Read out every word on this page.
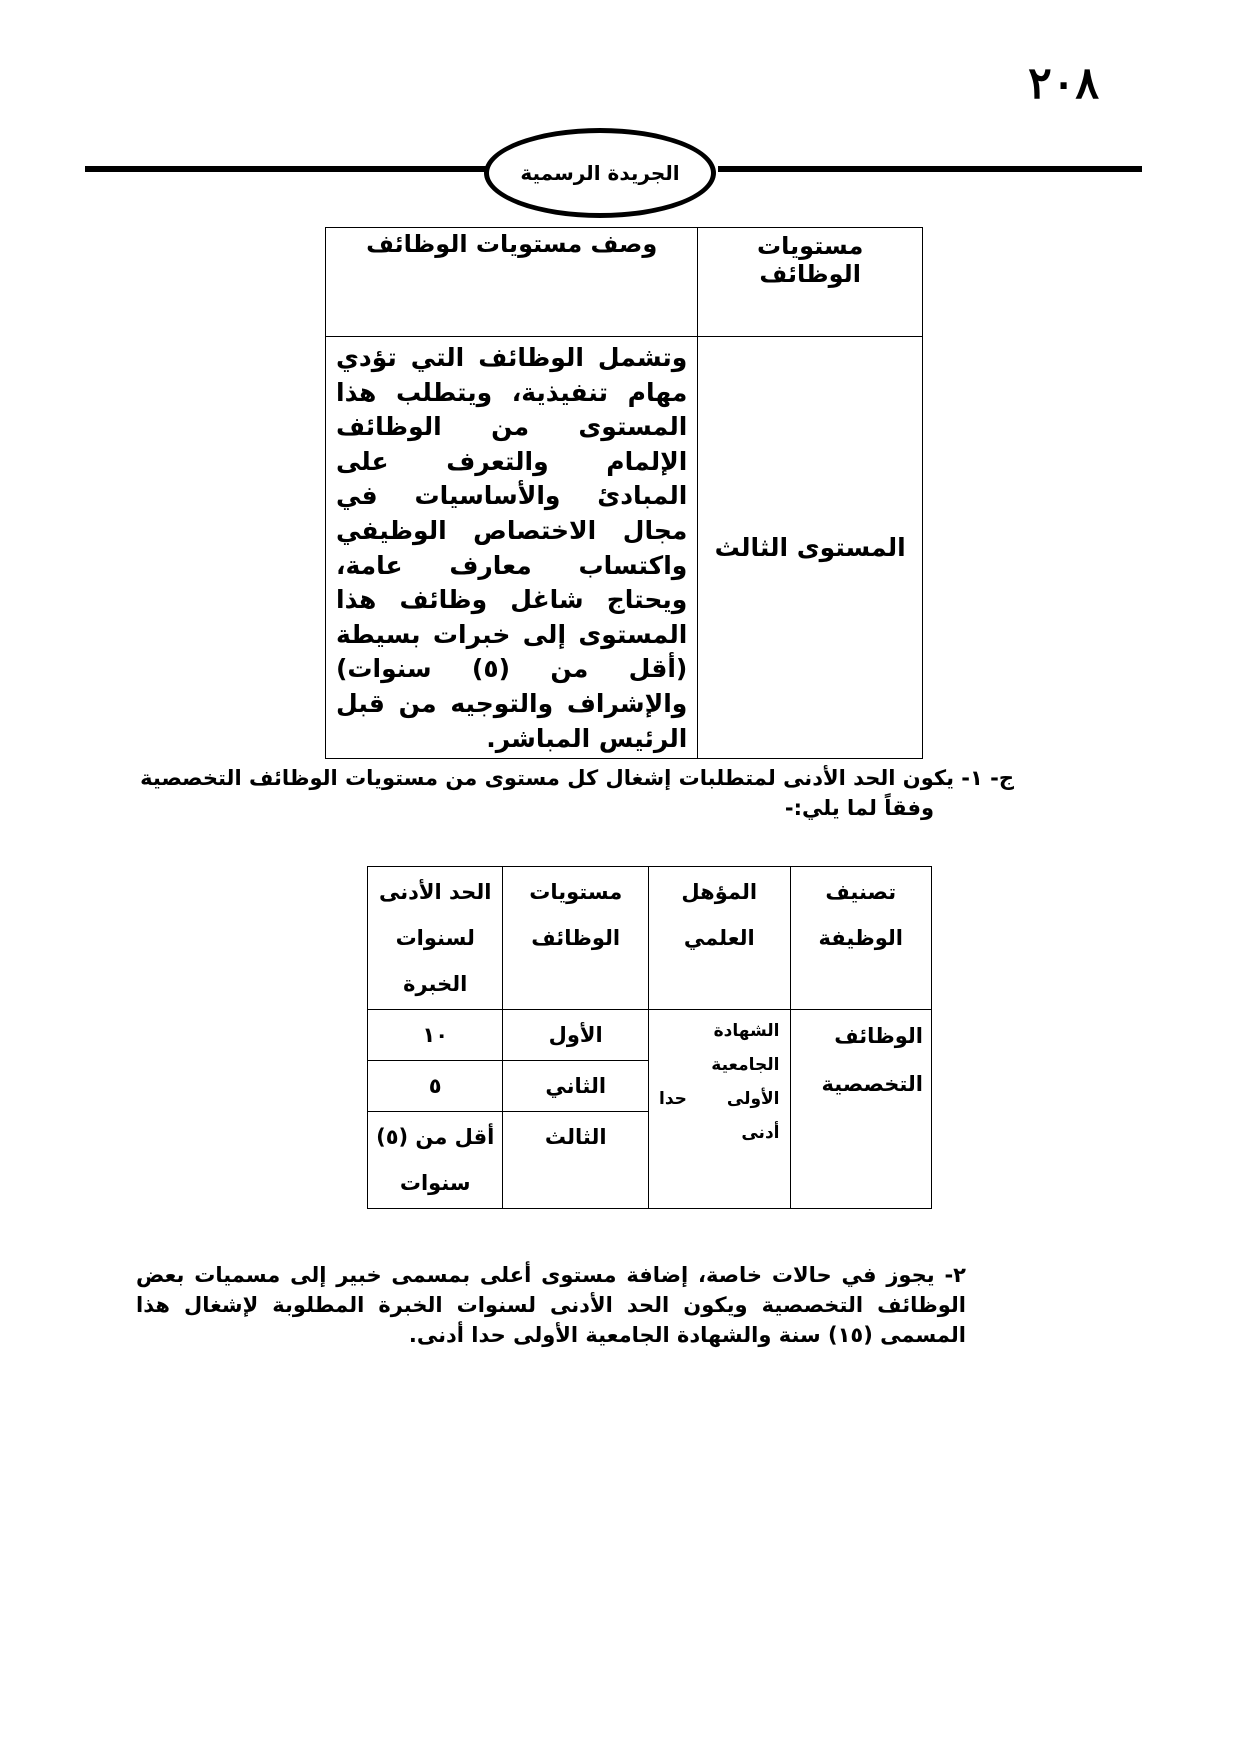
٢٠٨
الجريدة الرسمية
مستويات الوظائف	وصف مستويات الوظائف
المستوى الثالث	وتشمل الوظائف التي تؤدي مهام تنفيذية، ويتطلب هذا المستوى من الوظائف الإلمام والتعرف على المبادئ والأساسيات في مجال الاختصاص الوظيفي واكتساب معارف عامة، ويحتاج شاغل وظائف هذا المستوى إلى خبرات بسيطة (أقل من (٥) سنوات) والإشراف والتوجيه من قبل الرئيس المباشر.
ج- ١- يكون الحد الأدنى لمتطلبات إشغال كل مستوى من مستويات الوظائف التخصصية
وفقاً لما يلي:-
تصنيف الوظيفة	المؤهل العلمي	مستويات الوظائف	الحد الأدنى لسنوات الخبرة
الوظائف التخصصية	الشهادة الجامعية الأولى حدا أدنى	الأول	١٠
		الثاني	٥
		الثالث	أقل من (٥) سنوات
٢- يجوز في حالات خاصة، إضافة مستوى أعلى بمسمى خبير إلى مسميات بعض الوظائف التخصصية ويكون الحد الأدنى لسنوات الخبرة المطلوبة لإشغال هذا المسمى (١٥) سنة والشهادة الجامعية الأولى حدا أدنى.
